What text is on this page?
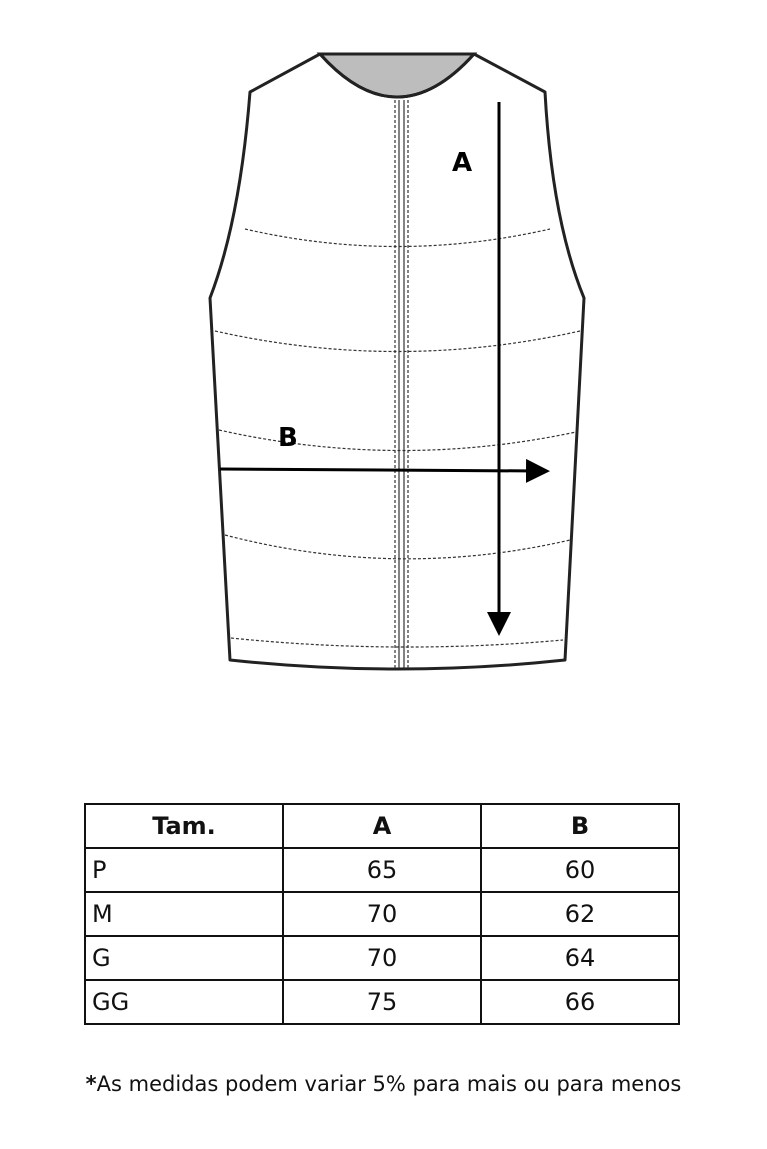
A
B
Tam.	A	B
P	65	60
M	70	62
G	70	64
GG	75	66
*As medidas podem variar 5% para mais ou para menos
